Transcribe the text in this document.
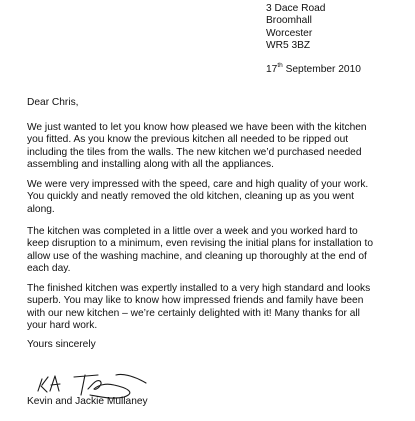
3 Dace Road
Broomhall
Worcester
WR5 3BZ
17th September 2010
Dear Chris,
We just wanted to let you know how pleased we have been with the kitchen
you fitted. As you know the previous kitchen all needed to be ripped out
including the tiles from the walls. The new kitchen we’d purchased needed
assembling and installing along with all the appliances.
We were very impressed with the speed, care and high quality of your work.
You quickly and neatly removed the old kitchen, cleaning up as you went
along.
The kitchen was completed in a little over a week and you worked hard to
keep disruption to a minimum, even revising the initial plans for installation to
allow use of the washing machine, and cleaning up thoroughly at the end of
each day.
The finished kitchen was expertly installed to a very high standard and looks
superb. You may like to know how impressed friends and family have been
with our new kitchen – we’re certainly delighted with it! Many thanks for all
your hard work.
Yours sincerely
Kevin and Jackie Mullaney
